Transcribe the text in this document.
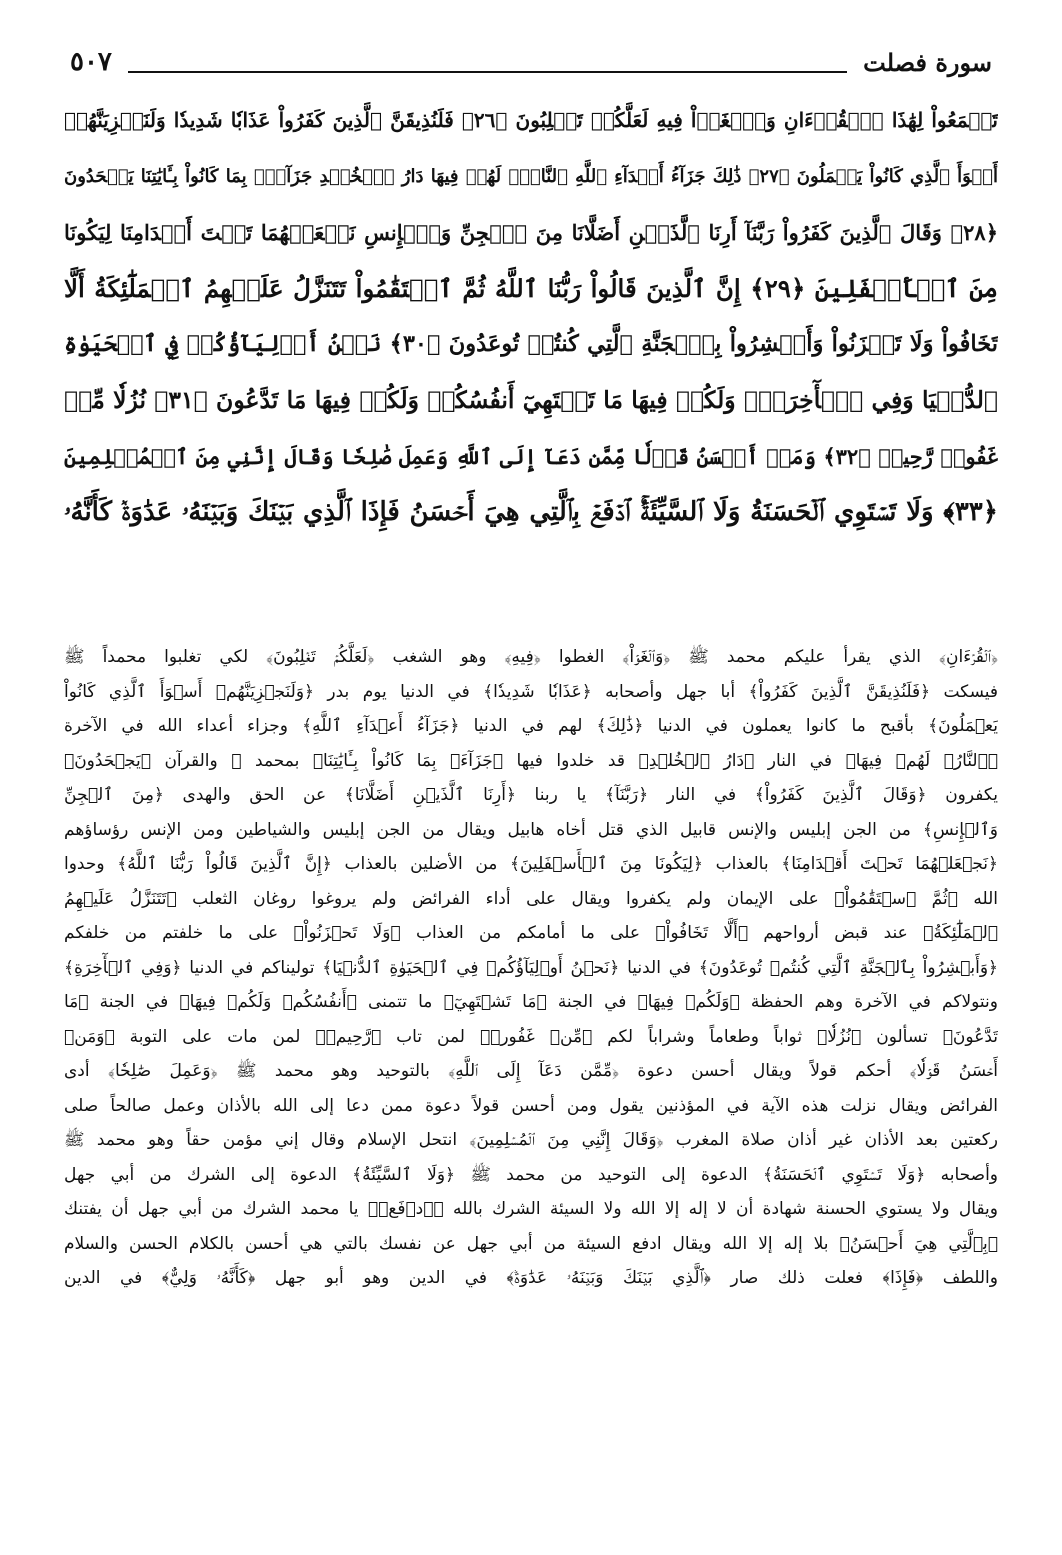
سورة فصلت
٥٠٧
تَسۡمَعُواْ لِهَٰذَا ٱلۡقُرۡءَانِ وَٱلۡغَوۡاْ فِيهِ لَعَلَّكُمۡ تَغۡلِبُونَ ﴿٢٦﴾ فَلَنُذِيقَنَّ ٱلَّذِينَ كَفَرُواْ عَذَابٗا شَدِيدٗا وَلَنَجۡزِيَنَّهُمۡ
أَسۡوَأَ ٱلَّذِي كَانُواْ يَعۡمَلُونَ ﴿٢٧﴾ ذَٰلِكَ جَزَآءُ أَعۡدَآءِ ٱللَّهِ ٱلنَّارُۖ لَهُمۡ فِيهَا دَارُ ٱلۡخُلۡدِ جَزَآءَۢ بِمَا كَانُواْ بِـَٔايَٰتِنَا يَجۡحَدُونَ
﴿٢٨﴾ وَقَالَ ٱلَّذِينَ كَفَرُواْ رَبَّنَآ أَرِنَا ٱلَّذَيۡنِ أَضَلَّانَا مِنَ ٱلۡجِنِّ وَٱلۡإِنسِ نَجۡعَلۡهُمَا تَحۡتَ أَقۡدَامِنَا لِيَكُونَا
مِنَ ٱلۡأَسۡفَلِينَ ﴿٢٩﴾ إِنَّ ٱلَّذِينَ قَالُواْ رَبُّنَا ٱللَّهُ ثُمَّ ٱسۡتَقَٰمُواْ تَتَنَزَّلُ عَلَيۡهِمُ ٱلۡمَلَٰٓئِكَةُ أَلَّا
تَخَافُواْ وَلَا تَحۡزَنُواْ وَأَبۡشِرُواْ بِٱلۡجَنَّةِ ٱلَّتِي كُنتُمۡ تُوعَدُونَ ﴿٣٠﴾ نَحۡنُ أَوۡلِيَآؤُكُمۡ فِي ٱلۡحَيَوٰةِ
ٱلدُّنۡيَا وَفِي ٱلۡأٓخِرَةِۖ وَلَكُمۡ فِيهَا مَا تَشۡتَهِيٓ أَنفُسُكُمۡ وَلَكُمۡ فِيهَا مَا تَدَّعُونَ ﴿٣١﴾ نُزُلٗا مِّنۡ
غَفُورٖ رَّحِيمٖ ﴿٣٢﴾ وَمَنۡ أَحۡسَنُ قَوۡلٗا مِّمَّن دَعَآ إِلَى ٱللَّهِ وَعَمِلَ صَٰلِحٗا وَقَالَ إِنَّنِي مِنَ ٱلۡمُسۡلِمِينَ
﴿٣٣﴾ وَلَا تَسۡتَوِي ٱلۡحَسَنَةُ وَلَا ٱلسَّيِّئَةُۚ ٱدۡفَعۡ بِٱلَّتِي هِيَ أَحۡسَنُ فَإِذَا ٱلَّذِي بَيۡنَكَ وَبَيۡنَهُۥ عَدَٰوَةٞ كَأَنَّهُۥ
﴿ٱلۡقُرۡءَانِ﴾ الذي يقرأ عليكم محمد ﷺ ﴿وَٱلۡغَوۡاْ﴾ الغطوا ﴿فِيهِ﴾ وهو الشغب ﴿لَعَلَّكُمۡ تَغۡلِبُونَ﴾ لكي تغلبوا محمداً ﷺ
فيسكت ﴿فَلَنُذِيقَنَّ ٱلَّذِينَ كَفَرُواْ﴾ أبا جهل وأصحابه ﴿عَذَابٗا شَدِيدٗا﴾ في الدنيا يوم بدر ﴿وَلَنَجۡزِيَنَّهُمۡ أَسۡوَأَ ٱلَّذِي كَانُواْ
يَعۡمَلُونَ﴾ بأقبح ما كانوا يعملون في الدنيا ﴿ذَٰلِكَ﴾ لهم في الدنيا ﴿جَزَآءُ أَعۡدَآءِ ٱللَّهِ﴾ وجزاء أعداء الله في الآخرة
﴿ٱلنَّارُۖ لَهُمۡ فِيهَا﴾ في النار ﴿دَارُ ٱلۡخُلۡدِ﴾ قد خلدوا فيها ﴿جَزَآءَۢ بِمَا كَانُواْ بِـَٔايَٰتِنَا﴾ بمحمد ﷺ والقرآن ﴿يَجۡحَدُونَ﴾
يكفرون ﴿وَقَالَ ٱلَّذِينَ كَفَرُواْ﴾ في النار ﴿رَبَّنَآ﴾ يا ربنا ﴿أَرِنَا ٱلَّذَيۡنِ أَضَلَّانَا﴾ عن الحق والهدى ﴿مِنَ ٱلۡجِنِّ
وَٱلۡإِنسِ﴾ من الجن إبليس والإنس قابيل الذي قتل أخاه هابيل ويقال من الجن إبليس والشياطين ومن الإنس رؤساؤهم
﴿نَجۡعَلۡهُمَا تَحۡتَ أَقۡدَامِنَا﴾ بالعذاب ﴿لِيَكُونَا مِنَ ٱلۡأَسۡفَلِينَ﴾ من الأضلين بالعذاب ﴿إِنَّ ٱلَّذِينَ قَالُواْ رَبُّنَا ٱللَّهُ﴾ وحدوا
الله ﴿ثُمَّ ٱسۡتَقَٰمُواْ﴾ على الإيمان ولم يكفروا ويقال على أداء الفرائض ولم يروغوا روغان الثعلب ﴿تَتَنَزَّلُ عَلَيۡهِمُ
ٱلۡمَلَٰٓئِكَةُ﴾ عند قبض أرواحهم ﴿أَلَّا تَخَافُواْ﴾ على ما أمامكم من العذاب ﴿وَلَا تَحۡزَنُواْ﴾ على ما خلفتم من خلفكم
﴿وَأَبۡشِرُواْ بِٱلۡجَنَّةِ ٱلَّتِي كُنتُمۡ تُوعَدُونَ﴾ في الدنيا ﴿نَحۡنُ أَوۡلِيَآؤُكُمۡ فِي ٱلۡحَيَوٰةِ ٱلدُّنۡيَا﴾ توليناكم في الدنيا ﴿وَفِي ٱلۡأٓخِرَةِ﴾
ونتولاكم في الآخرة وهم الحفظة ﴿وَلَكُمۡ فِيهَا﴾ في الجنة ﴿مَا تَشۡتَهِيٓ﴾ ما تتمنى ﴿أَنفُسُكُمۡ وَلَكُمۡ فِيهَا﴾ في الجنة ﴿مَا
تَدَّعُونَ﴾ تسألون ﴿نُزُلٗا﴾ ثواباً وطعاماً وشراباً لكم ﴿مِّنۡ غَفُورٖ﴾ لمن تاب ﴿رَّحِيمٖ﴾ لمن مات على التوبة ﴿وَمَنۡ
أَحۡسَنُ قَوۡلٗا﴾ أحكم قولاً ويقال أحسن دعوة ﴿مِّمَّن دَعَآ إِلَى ٱللَّهِ﴾ بالتوحيد وهو محمد ﷺ ﴿وَعَمِلَ صَٰلِحٗا﴾ أدى
الفرائض ويقال نزلت هذه الآية في المؤذنين يقول ومن أحسن قولاً دعوة ممن دعا إلى الله بالأذان وعمل صالحاً صلى
ركعتين بعد الأذان غير أذان صلاة المغرب ﴿وَقَالَ إِنَّنِي مِنَ ٱلۡمُسۡلِمِينَ﴾ انتحل الإسلام وقال إني مؤمن حقاً وهو محمد ﷺ
وأصحابه ﴿وَلَا تَسۡتَوِي ٱلۡحَسَنَةُ﴾ الدعوة إلى التوحيد من محمد ﷺ ﴿وَلَا ٱلسَّيِّئَةُ﴾ الدعوة إلى الشرك من أبي جهل
ويقال ولا يستوي الحسنة شهادة أن لا إله إلا الله ولا السيئة الشرك بالله ﴿ٱدۡفَعۡ﴾ يا محمد الشرك من أبي جهل أن يفتنك
﴿بِٱلَّتِي هِيَ أَحۡسَنُ﴾ بلا إله إلا الله ويقال ادفع السيئة من أبي جهل عن نفسك بالتي هي أحسن بالكلام الحسن والسلام
واللطف ﴿فَإِذَا﴾ فعلت ذلك صار ﴿ٱلَّذِي بَيۡنَكَ وَبَيۡنَهُۥ عَدَٰوَةٞ﴾ في الدين وهو أبو جهل ﴿كَأَنَّهُۥ وَلِيٌّ﴾ في الدين
